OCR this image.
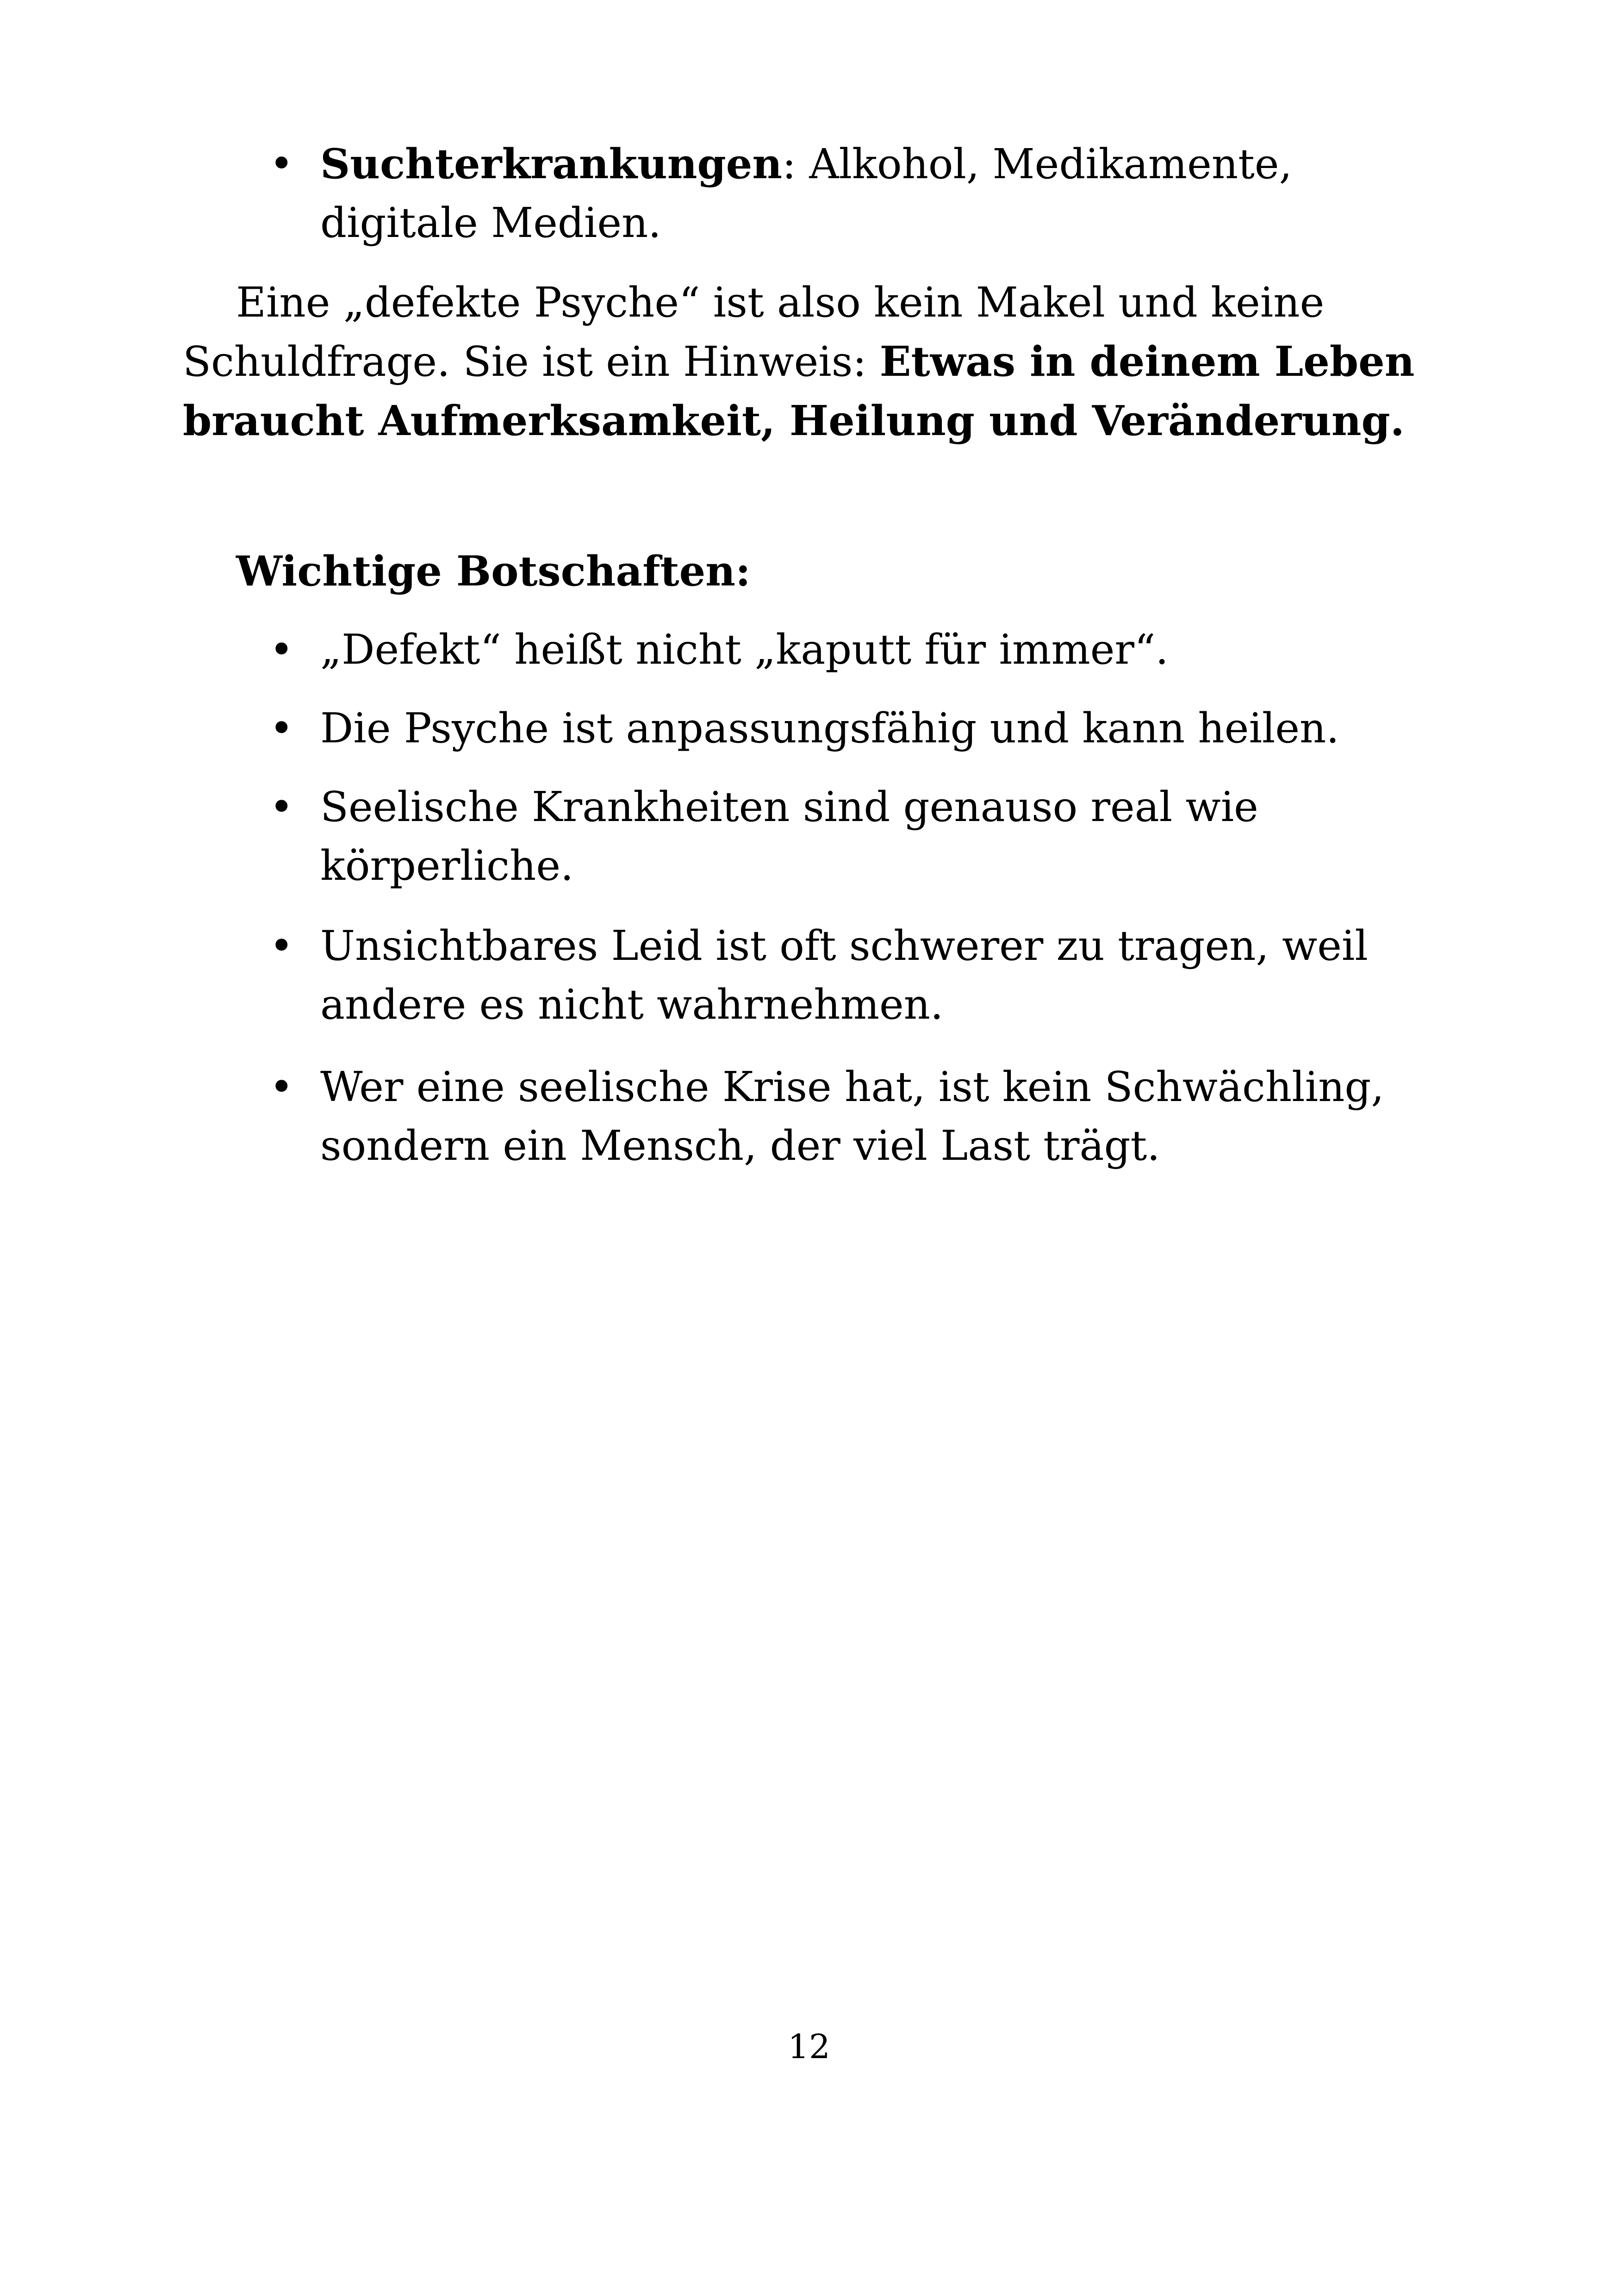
• Suchterkrankungen: Alkohol, Medikamente, digitale Medien.

Eine „defekte Psyche“ ist also kein Makel und keine Schuldfrage. Sie ist ein Hinweis: Etwas in deinem Leben braucht Aufmerksamkeit, Heilung und Veränderung.

Wichtige Botschaften:

• „Defekt“ heißt nicht „kaputt für immer“.

• Die Psyche ist anpassungsfähig und kann heilen.

• Seelische Krankheiten sind genauso real wie körperliche.

• Unsichtbares Leid ist oft schwerer zu tragen, weil andere es nicht wahrnehmen.

• Wer eine seelische Krise hat, ist kein Schwächling, sondern ein Mensch, der viel Last trägt.

12
